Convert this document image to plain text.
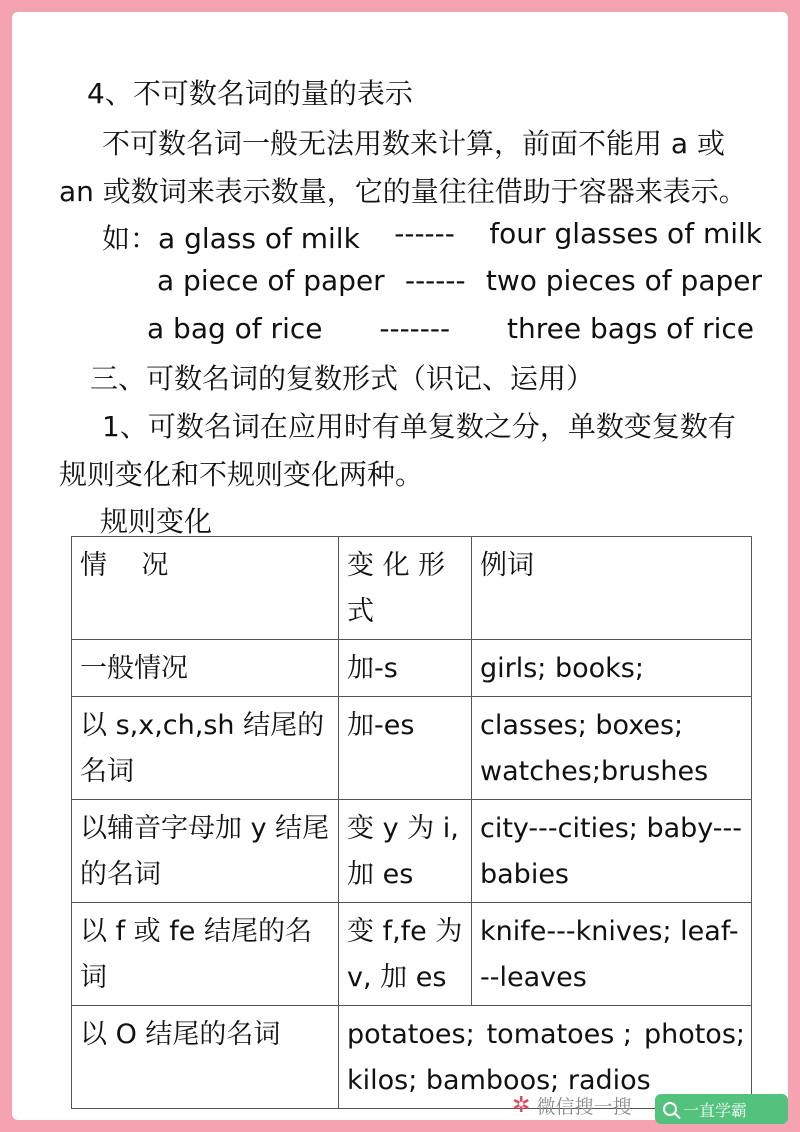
4、不可数名词的量的表示
不可数名词一般无法用数来计算，前面不能用 a 或
an 或数词来表示数量，它的量往往借助于容器来表示。
如：a glass of milk ------ four glasses of milk
a piece of paper ------ two pieces of paper
a bag of rice ------- three bags of rice
三、可数名词的复数形式（识记、运用）
1、可数名词在应用时有单复数之分，单数变复数有
规则变化和不规则变化两种。
规则变化
情    况	变 化 形 式	例词
一般情况	加-s	girls; books;
以 s,x,ch,sh 结尾的名词	加-es	classes; boxes; watches;brushes
以辅音字母加 y 结尾的名词	变 y 为 i, 加 es	city---cities; baby---babies
以 f 或 fe 结尾的名词	变 f,fe 为 v, 加 es	knife---knives; leaf---leaves
以 O 结尾的名词	potatoes; tomatoes ; photos;
kilos; bamboos; radios	
✲ 微信搜一搜	一直学霸
